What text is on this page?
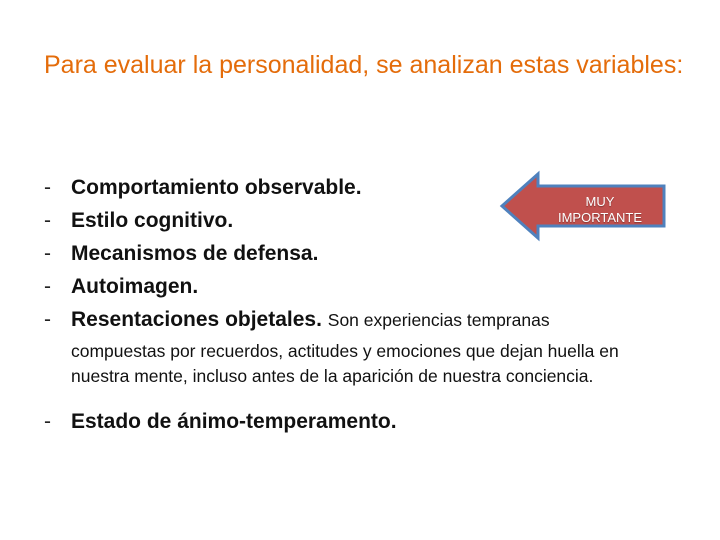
Para evaluar la personalidad, se analizan estas variables:
- Comportamiento observable.
- Estilo cognitivo.
- Mecanismos de defensa.
- Autoimagen.
- Resentaciones objetales. Son experiencias tempranas
compuestas por recuerdos, actitudes y emociones que dejan huella en nuestra mente, incluso antes de la aparición de nuestra conciencia.
- Estado de ánimo-temperamento.
MUY
IMPORTANTE
